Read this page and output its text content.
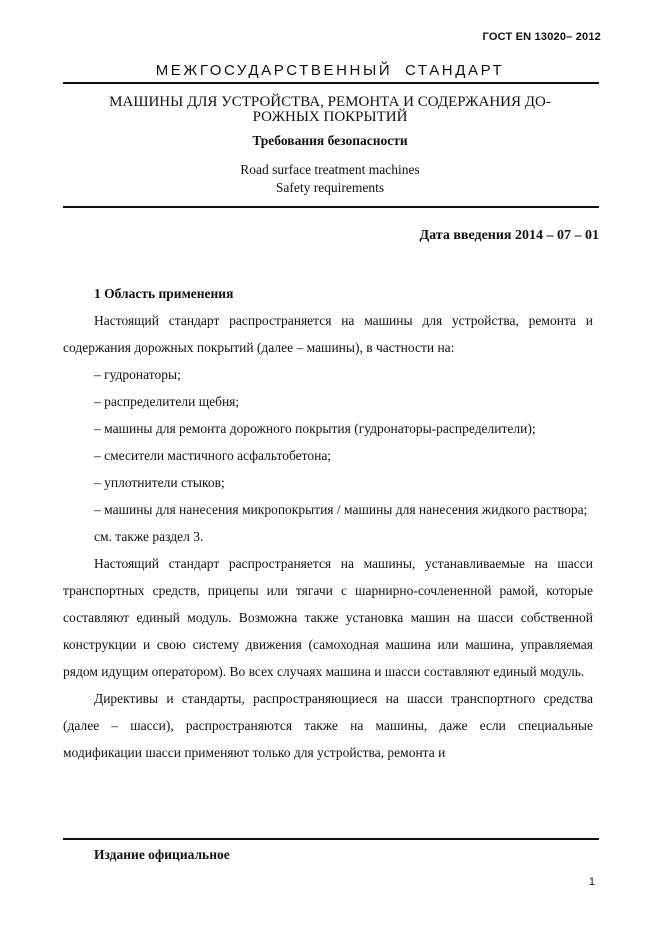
ГОСТ EN 13020– 2012
МЕЖГОСУДАРСТВЕННЫЙ СТАНДАРТ
МАШИНЫ ДЛЯ УСТРОЙСТВА, РЕМОНТА И СОДЕРЖАНИЯ ДО-
РОЖНЫХ ПОКРЫТИЙ
Требования безопасности
Road surface treatment machines
Safety requirements
Дата введения 2014 – 07 – 01

1 Область применения

Настоящий стандарт распространяется на машины для устройства, ремонта и содержания дорожных покрытий (далее – машины), в частности на:

– гудронаторы;

– распределители щебня;

– машины для ремонта дорожного покрытия (гудронаторы-распределители);

– смесители мастичного асфальтобетона;

– уплотнители стыков;

– машины для нанесения микропокрытия / машины для нанесения жидкого раствора;

см. также раздел 3.

Настоящий стандарт распространяется на машины, устанавливаемые на шасси транспортных средств, прицепы или тягачи с шарнирно-сочлененной рамой, которые составляют единый модуль. Возможна также установка машин на шасси собственной конструкции и свою систему движения (самоходная машина или машина, управляемая рядом идущим оператором). Во всех случаях машина и шасси составляют единый модуль.

Директивы и стандарты, распространяющиеся на шасси транспортного средства (далее – шасси), распространяются также на машины, даже если специальные модификации шасси применяют только для устройства, ремонта и

Издание официальное
1
